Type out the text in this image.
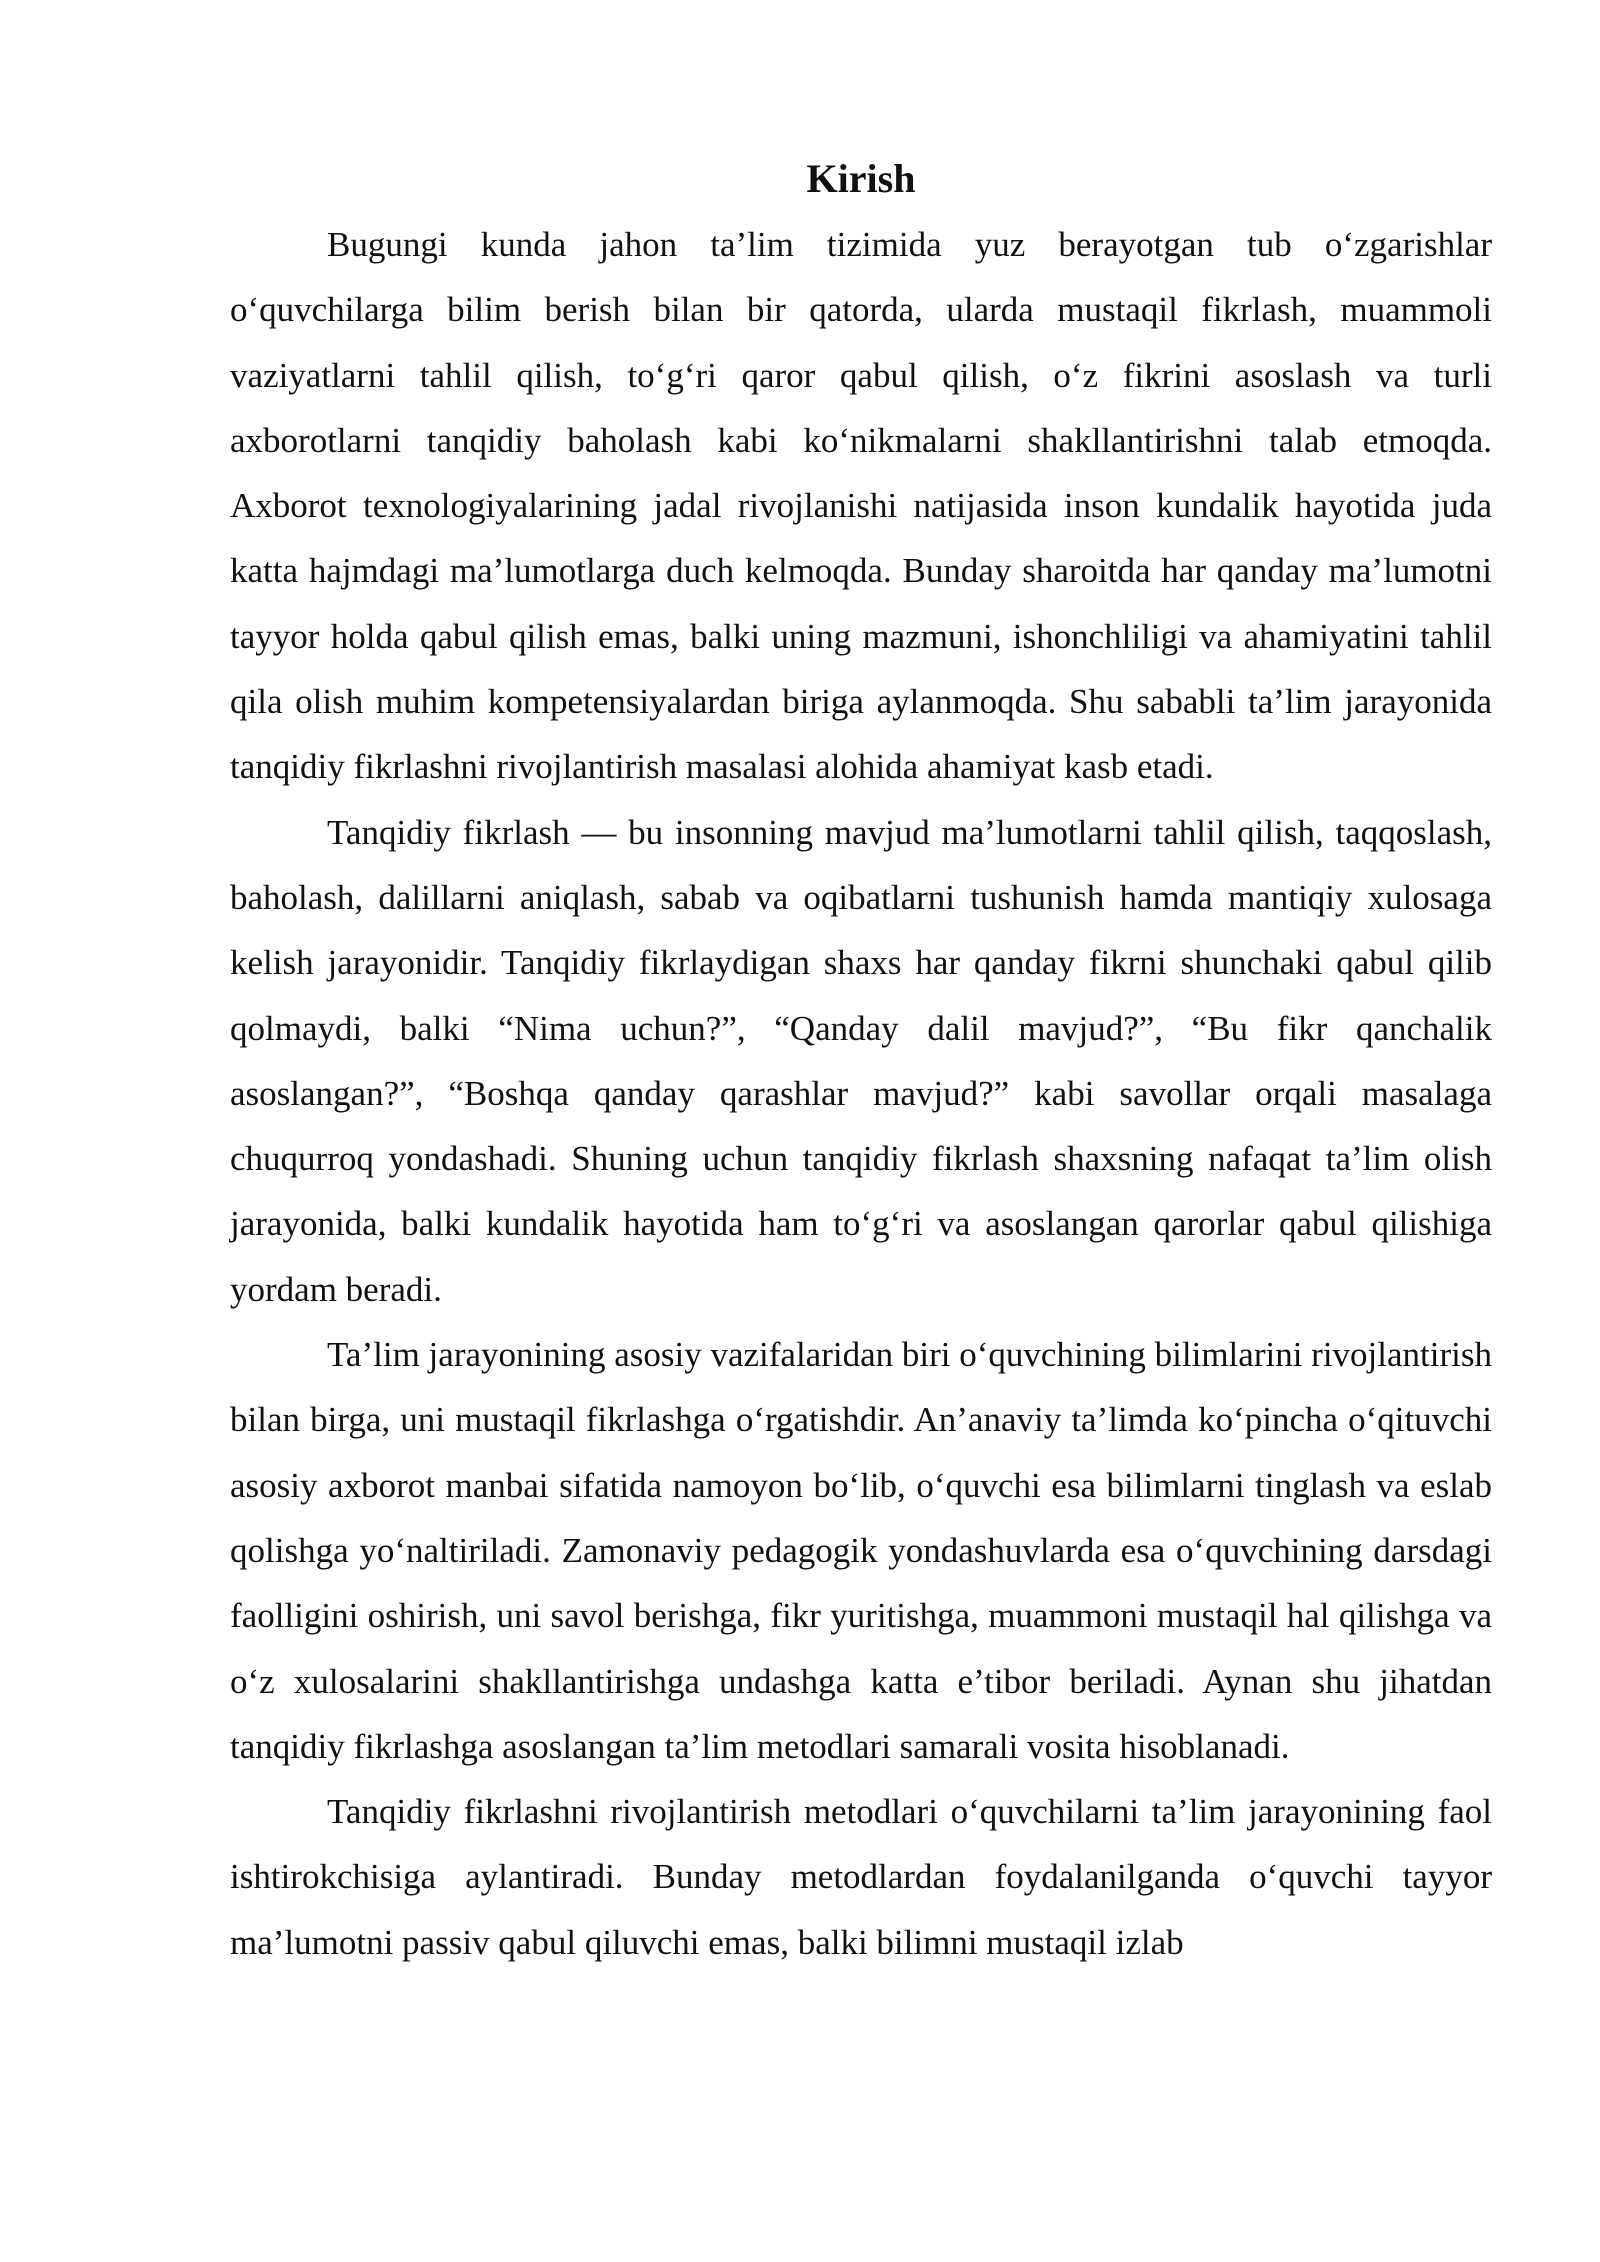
Kirish

Bugungi kunda jahon ta’lim tizimida yuz berayotgan tub o‘zgarishlar o‘quvchilarga bilim berish bilan bir qatorda, ularda mustaqil fikrlash, muammoli vaziyatlarni tahlil qilish, to‘g‘ri qaror qabul qilish, o‘z fikrini asoslash va turli axborotlarni tanqidiy baholash kabi ko‘nikmalarni shakllantirishni talab etmoqda. Axborot texnologiyalarining jadal rivojlanishi natijasida inson kundalik hayotida juda katta hajmdagi ma’lumotlarga duch kelmoqda. Bunday sharoitda har qanday ma’lumotni tayyor holda qabul qilish emas, balki uning mazmuni, ishonchliligi va ahamiyatini tahlil qila olish muhim kompetensiyalardan biriga aylanmoqda. Shu sababli ta’lim jarayonida tanqidiy fikrlashni rivojlantirish masalasi alohida ahamiyat kasb etadi.

Tanqidiy fikrlash — bu insonning mavjud ma’lumotlarni tahlil qilish, taqqoslash, baholash, dalillarni aniqlash, sabab va oqibatlarni tushunish hamda mantiqiy xulosaga kelish jarayonidir. Tanqidiy fikrlaydigan shaxs har qanday fikrni shunchaki qabul qilib qolmaydi, balki “Nima uchun?”, “Qanday dalil mavjud?”, “Bu fikr qanchalik asoslangan?”, “Boshqa qanday qarashlar mavjud?” kabi savollar orqali masalaga chuqurroq yondashadi. Shuning uchun tanqidiy fikrlash shaxsning nafaqat ta’lim olish jarayonida, balki kundalik hayotida ham to‘g‘ri va asoslangan qarorlar qabul qilishiga yordam beradi.

Ta’lim jarayonining asosiy vazifalaridan biri o‘quvchining bilimlarini rivojlantirish bilan birga, uni mustaqil fikrlashga o‘rgatishdir. An’anaviy ta’limda ko‘pincha o‘qituvchi asosiy axborot manbai sifatida namoyon bo‘lib, o‘quvchi esa bilimlarni tinglash va eslab qolishga yo‘naltiriladi. Zamonaviy pedagogik yondashuvlarda esa o‘quvchining darsdagi faolligini oshirish, uni savol berishga, fikr yuritishga, muammoni mustaqil hal qilishga va o‘z xulosalarini shakllantirishga undashga katta e’tibor beriladi. Aynan shu jihatdan tanqidiy fikrlashga asoslangan ta’lim metodlari samarali vosita hisoblanadi.

Tanqidiy fikrlashni rivojlantirish metodlari o‘quvchilarni ta’lim jarayonining faol ishtirokchisiga aylantiradi. Bunday metodlardan foydalanilganda o‘quvchi tayyor ma’lumotni passiv qabul qiluvchi emas, balki bilimni mustaqil izlab
